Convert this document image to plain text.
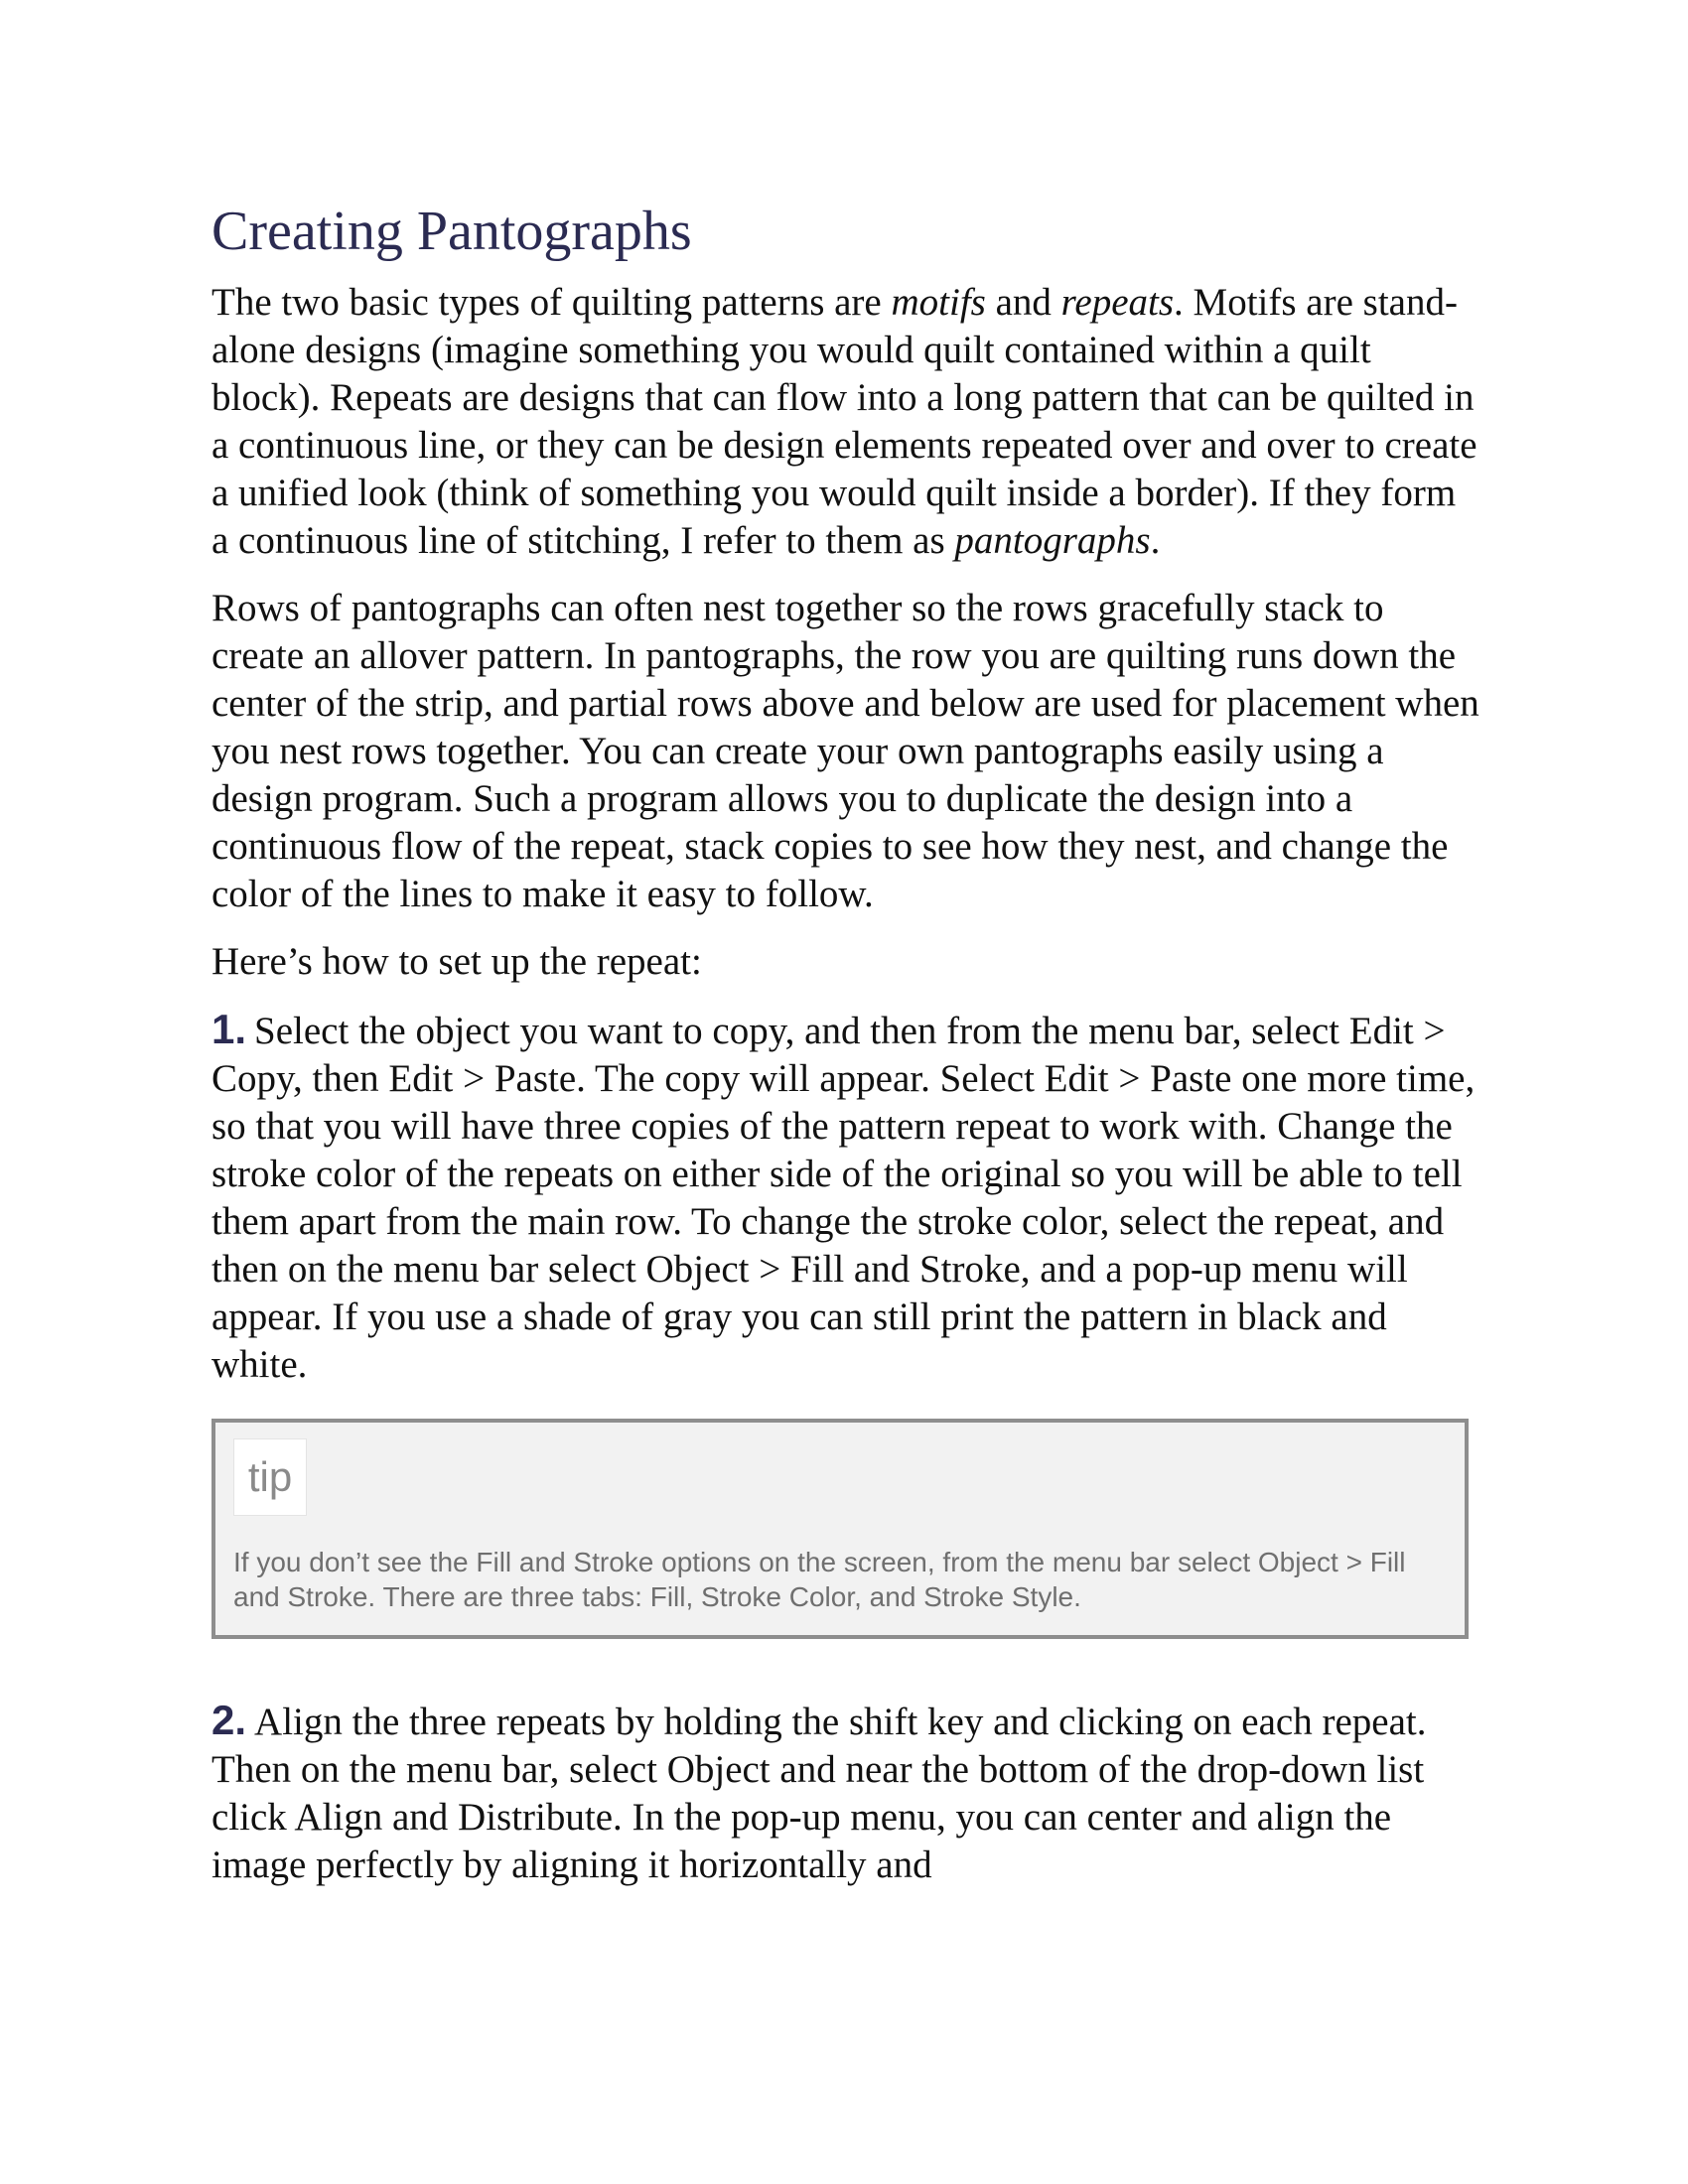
Creating Pantographs

The two basic types of quilting patterns are motifs and repeats. Motifs are stand-alone designs (imagine something you would quilt contained within a quilt block). Repeats are designs that can flow into a long pattern that can be quilted in a continuous line, or they can be design elements repeated over and over to create a unified look (think of something you would quilt inside a border). If they form a continuous line of stitching, I refer to them as pantographs.

Rows of pantographs can often nest together so the rows gracefully stack to create an allover pattern. In pantographs, the row you are quilting runs down the center of the strip, and partial rows above and below are used for placement when you nest rows together. You can create your own pantographs easily using a design program. Such a program allows you to duplicate the design into a continuous flow of the repeat, stack copies to see how they nest, and change the color of the lines to make it easy to follow.

Here’s how to set up the repeat:

1. Select the object you want to copy, and then from the menu bar, select Edit > Copy, then Edit > Paste. The copy will appear. Select Edit > Paste one more time, so that you will have three copies of the pattern repeat to work with. Change the stroke color of the repeats on either side of the original so you will be able to tell them apart from the main row. To change the stroke color, select the repeat, and then on the menu bar select Object > Fill and Stroke, and a pop-up menu will appear. If you use a shade of gray you can still print the pattern in black and white.

tip
If you don’t see the Fill and Stroke options on the screen, from the menu bar select Object > Fill and Stroke. There are three tabs: Fill, Stroke Color, and Stroke Style.

2. Align the three repeats by holding the shift key and clicking on each repeat. Then on the menu bar, select Object and near the bottom of the drop-down list click Align and Distribute. In the pop-up menu, you can center and align the image perfectly by aligning it horizontally and
